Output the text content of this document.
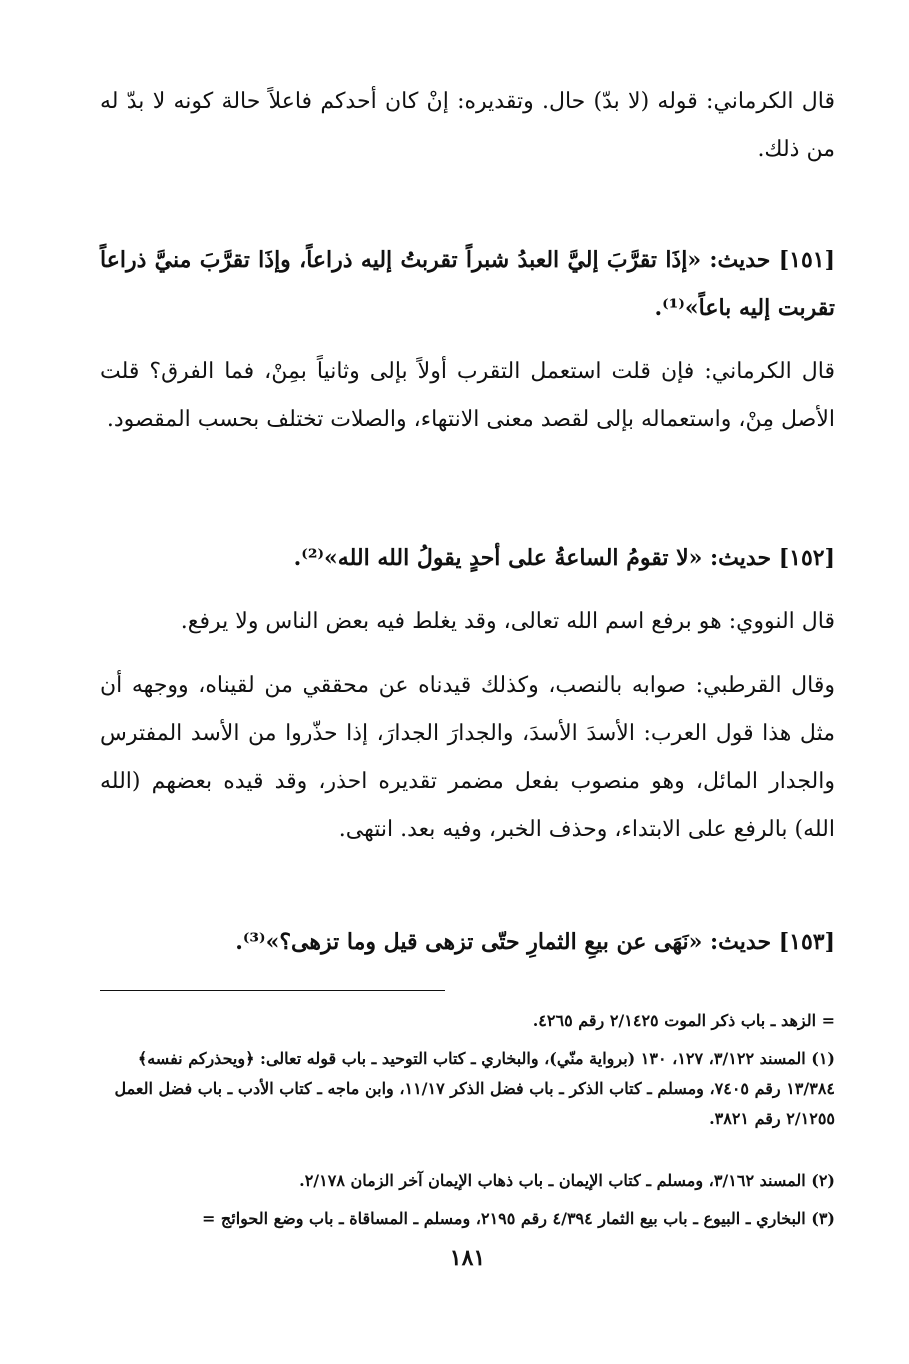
قال الكرماني: قوله (لا بدّ) حال. وتقديره: إنْ كان أحدكم فاعلاً حالة كونه لا بدّ له من ذلك.

[١٥١] حديث: «إذَا تقرَّبَ إليَّ العبدُ شبراً تقربتُ إليه ذراعاً، وإذَا تقرَّبَ منيَّ ذراعاً تقربت إليه باعاً»⁽¹⁾.

قال الكرماني: فإن قلت استعمل التقرب أولاً بإلى وثانياً بمِنْ، فما الفرق؟ قلت الأصل مِنْ، واستعماله بإلى لقصد معنى الانتهاء، والصلات تختلف بحسب المقصود.

[١٥٢] حديث: «لا تقومُ الساعةُ على أحدٍ يقولُ الله الله»⁽²⁾.

قال النووي: هو برفع اسم الله تعالى، وقد يغلط فيه بعض الناس ولا يرفع.

وقال القرطبي: صوابه بالنصب، وكذلك قيدناه عن محققي من لقيناه، ووجهه أن مثل هذا قول العرب: الأسدَ الأسدَ، والجدارَ الجدارَ، إذا حذّروا من الأسد المفترس والجدار المائل، وهو منصوب بفعل مضمر تقديره احذر، وقد قيده بعضهم (الله الله) بالرفع على الابتداء، وحذف الخبر، وفيه بعد. انتهى.

[١٥٣] حديث: «نَهَى عن بيعِ الثمارِ حتّى تزهى قيل وما تزهى؟»⁽³⁾.

= الزهد ـ باب ذكر الموت ٢/١٤٢٥ رقم ٤٢٦٥.

(١) المسند ٣/١٢٢، ١٢٧، ١٣٠ (برواية منّي)، والبخاري ـ كتاب التوحيد ـ باب قوله تعالى: ﴿ويحذركم نفسه﴾ ١٣/٣٨٤ رقم ٧٤٠٥، ومسلم ـ كتاب الذكر ـ باب فضل الذكر ١١/١٧، وابن ماجه ـ كتاب الأدب ـ باب فضل العمل ٢/١٢٥٥ رقم ٣٨٢١.

(٢) المسند ٣/١٦٢، ومسلم ـ كتاب الإيمان ـ باب ذهاب الإيمان آخر الزمان ٢/١٧٨.

(٣) البخاري ـ البيوع ـ باب بيع الثمار ٤/٣٩٤ رقم ٢١٩٥، ومسلم ـ المساقاة ـ باب وضع الحوائج =

١٨١
